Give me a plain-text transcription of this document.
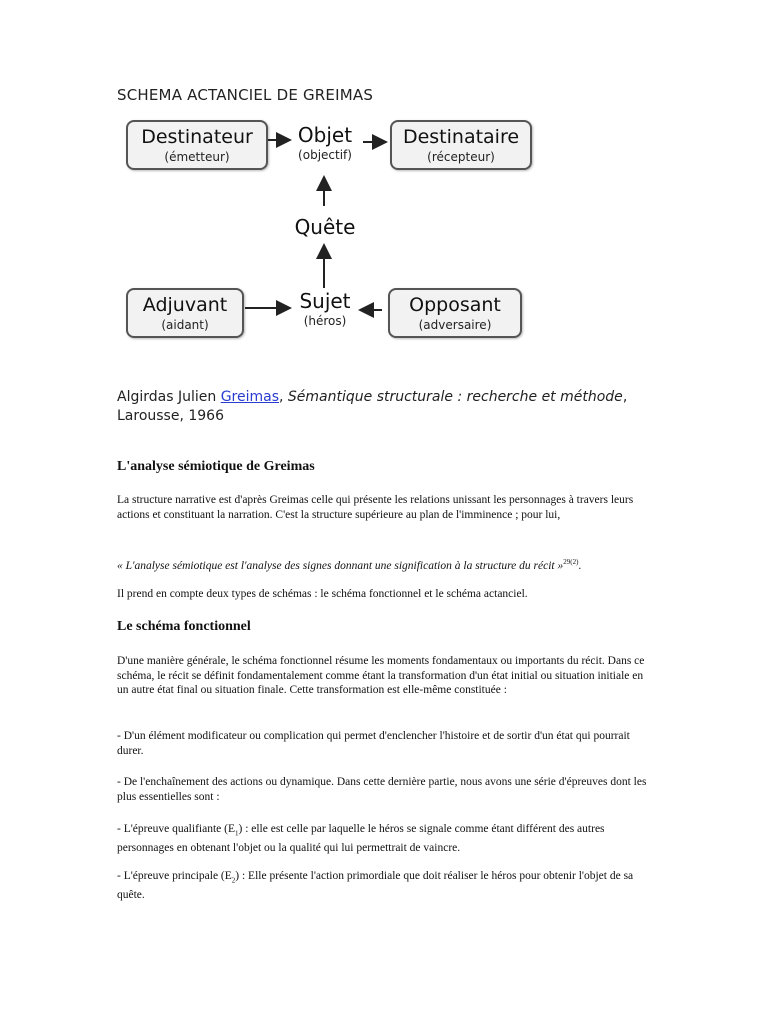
SCHEMA ACTANCIEL DE GREIMAS
Destinateur
(émetteur)
Objet
(objectif)
Destinataire
(récepteur)
Quête
Adjuvant
(aidant)
Sujet
(héros)
Opposant
(adversaire)
Algirdas Julien Greimas, Sémantique structurale : recherche et méthode, Larousse, 1966
L'analyse sémiotique de Greimas
La structure narrative est d'après Greimas celle qui présente les relations unissant les personnages à travers leurs actions et constituant la narration. C'est la structure supérieure au plan de l'imminence ; pour lui,
« L'analyse sémiotique est l'analyse des signes donnant une signification à la structure du récit »$^{29(2)}$.
Il prend en compte deux types de schémas : le schéma fonctionnel et le schéma actanciel.
Le schéma fonctionnel
D'une manière générale, le schéma fonctionnel résume les moments fondamentaux ou importants du récit. Dans ce schéma, le récit se définit fondamentalement comme étant la transformation d'un état initial ou situation initiale en un autre état final ou situation finale. Cette transformation est elle-même constituée :
- D'un élément modificateur ou complication qui permet d'enclencher l'histoire et de sortir d'un état qui pourrait durer.
- De l'enchaînement des actions ou dynamique. Dans cette dernière partie, nous avons une série d'épreuves dont les plus essentielles sont :
- L'épreuve qualifiante $(E_1)$ : elle est celle par laquelle le héros se signale comme étant différent des autres personnages en obtenant l'objet ou la qualité qui lui permettrait de vaincre.
- L'épreuve principale $(E_2)$ : Elle présente l'action primordiale que doit réaliser le héros pour obtenir l'objet de sa quête.
